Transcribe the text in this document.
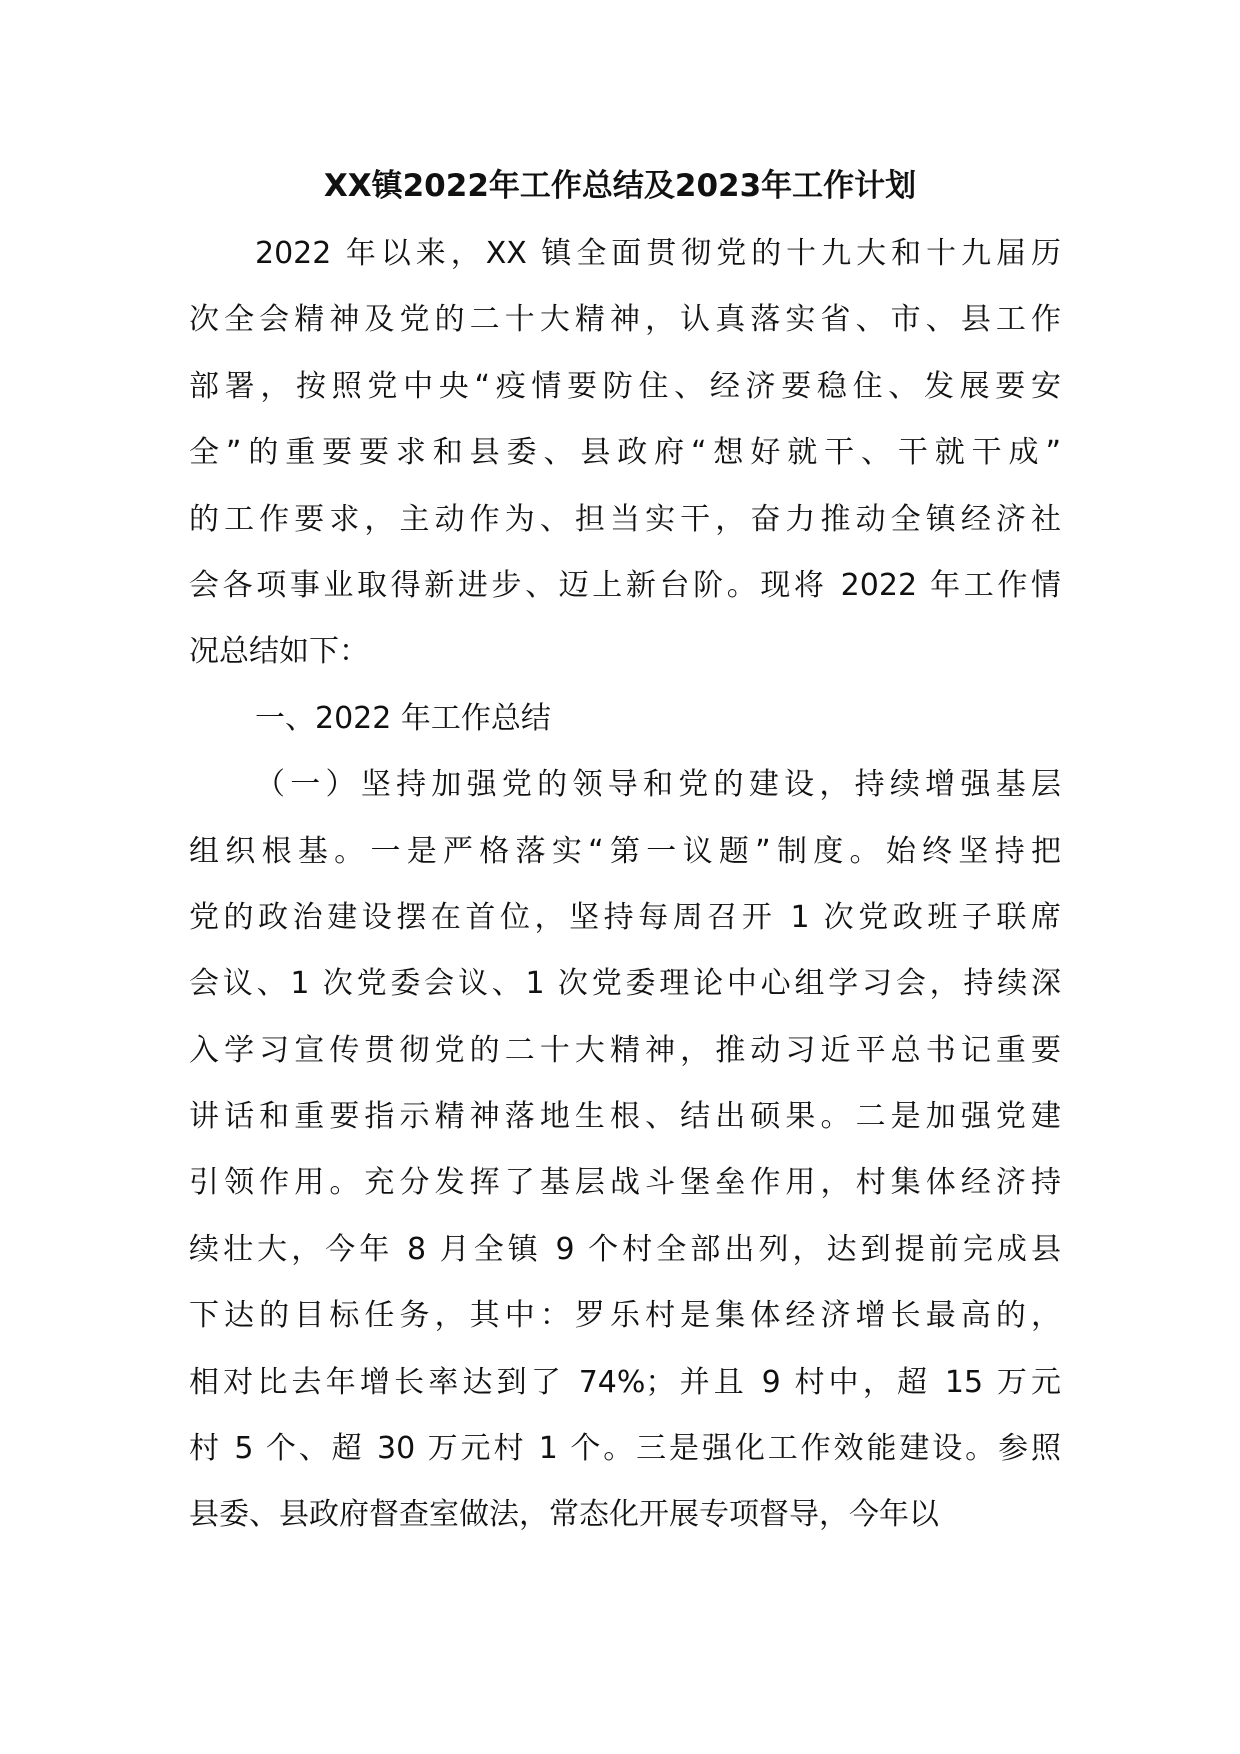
XX镇2022年工作总结及2023年工作计划
2022 年以来，XX 镇全面贯彻党的十九大和十九届历
次全会精神及党的二十大精神，认真落实省、市、县工作
部署，按照党中央“疫情要防住、经济要稳住、发展要安
全”的重要要求和县委、县政府“想好就干、干就干成”
的工作要求，主动作为、担当实干，奋力推动全镇经济社
会各项事业取得新进步、迈上新台阶。现将 2022 年工作情
况总结如下：
一、2022 年工作总结
（一）坚持加强党的领导和党的建设，持续增强基层
组织根基。一是严格落实“第一议题”制度。始终坚持把
党的政治建设摆在首位，坚持每周召开 1 次党政班子联席
会议、1 次党委会议、1 次党委理论中心组学习会，持续深
入学习宣传贯彻党的二十大精神，推动习近平总书记重要
讲话和重要指示精神落地生根、结出硕果。二是加强党建
引领作用。充分发挥了基层战斗堡垒作用，村集体经济持
续壮大，今年 8 月全镇 9 个村全部出列，达到提前完成县
下达的目标任务，其中：罗乐村是集体经济增长最高的，
相对比去年增长率达到了 74%；并且 9 村中，超 15 万元
村 5 个、超 30 万元村 1 个。三是强化工作效能建设。参照
县委、县政府督查室做法，常态化开展专项督导，今年以
